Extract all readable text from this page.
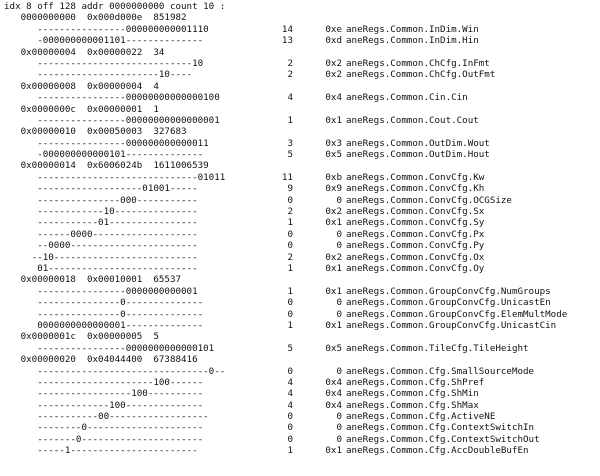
idx 8 off 128 addr 0000000000 count 10 :
0000000000  0x000d000e  851982
----------------000000000001110	14	0xe aneRegs.Common.InDim.Win
-000000000001101--------------	13	0xd aneRegs.Common.InDim.Hin
0x00000004  0x00000022  34
----------------------------10	2	0x2 aneRegs.Common.ChCfg.InFmt
----------------------10----	2	0x2 aneRegs.Common.ChCfg.OutFmt
0x00000008  0x00000004  4
----------------00000000000000100	4	0x4 aneRegs.Common.Cin.Cin
0x0000000c  0x00000001  1
----------------00000000000000001	1	0x1 aneRegs.Common.Cout.Cout
0x00000010  0x00050003  327683
----------------000000000000011	3	0x3 aneRegs.Common.OutDim.Wout
-000000000000101--------------	5	0x5 aneRegs.Common.OutDim.Hout
0x00000014  0x6006024b  1611006539
-----------------------------01011	11	0xb aneRegs.Common.ConvCfg.Kw
-------------------01001-----	9	0x9 aneRegs.Common.ConvCfg.Kh
---------------000-----------	0	0 aneRegs.Common.ConvCfg.OCGSize
------------10---------------	2	0x2 aneRegs.Common.ConvCfg.Sx
-----------01----------------	1	0x1 aneRegs.Common.ConvCfg.Sy
------0000-------------------	0	0 aneRegs.Common.ConvCfg.Px
--0000-----------------------	0	0 aneRegs.Common.ConvCfg.Py
--10--------------------------	2	0x2 aneRegs.Common.ConvCfg.Ox
01---------------------------	1	0x1 aneRegs.Common.ConvCfg.Oy
0x00000018  0x00010001  65537
----------------0000000000001	1	0x1 aneRegs.Common.GroupConvCfg.NumGroups
---------------0--------------	0	0 aneRegs.Common.GroupConvCfg.UnicastEn
---------------0--------------	0	0 aneRegs.Common.GroupConvCfg.ElemMultMode
0000000000000001--------------	1	0x1 aneRegs.Common.GroupConvCfg.UnicastCin
0x0000001c  0x00000005  5
----------------0000000000000101	5	0x5 aneRegs.Common.TileCfg.TileHeight
0x00000020  0x04044400  67388416
-------------------------------0--	0	0 aneRegs.Common.Cfg.SmallSourceMode
---------------------100------	4	0x4 aneRegs.Common.Cfg.ShPref
-----------------100----------	4	0x4 aneRegs.Common.Cfg.ShMin
-------------100--------------	4	0x4 aneRegs.Common.Cfg.ShMax
-----------00------------------	0	0 aneRegs.Common.Cfg.ActiveNE
--------0---------------------	0	0 aneRegs.Common.Cfg.ContextSwitchIn
-------0----------------------	0	0 aneRegs.Common.Cfg.ContextSwitchOut
-----1-----------------------	1	0x1 aneRegs.Common.Cfg.AccDoubleBufEn
